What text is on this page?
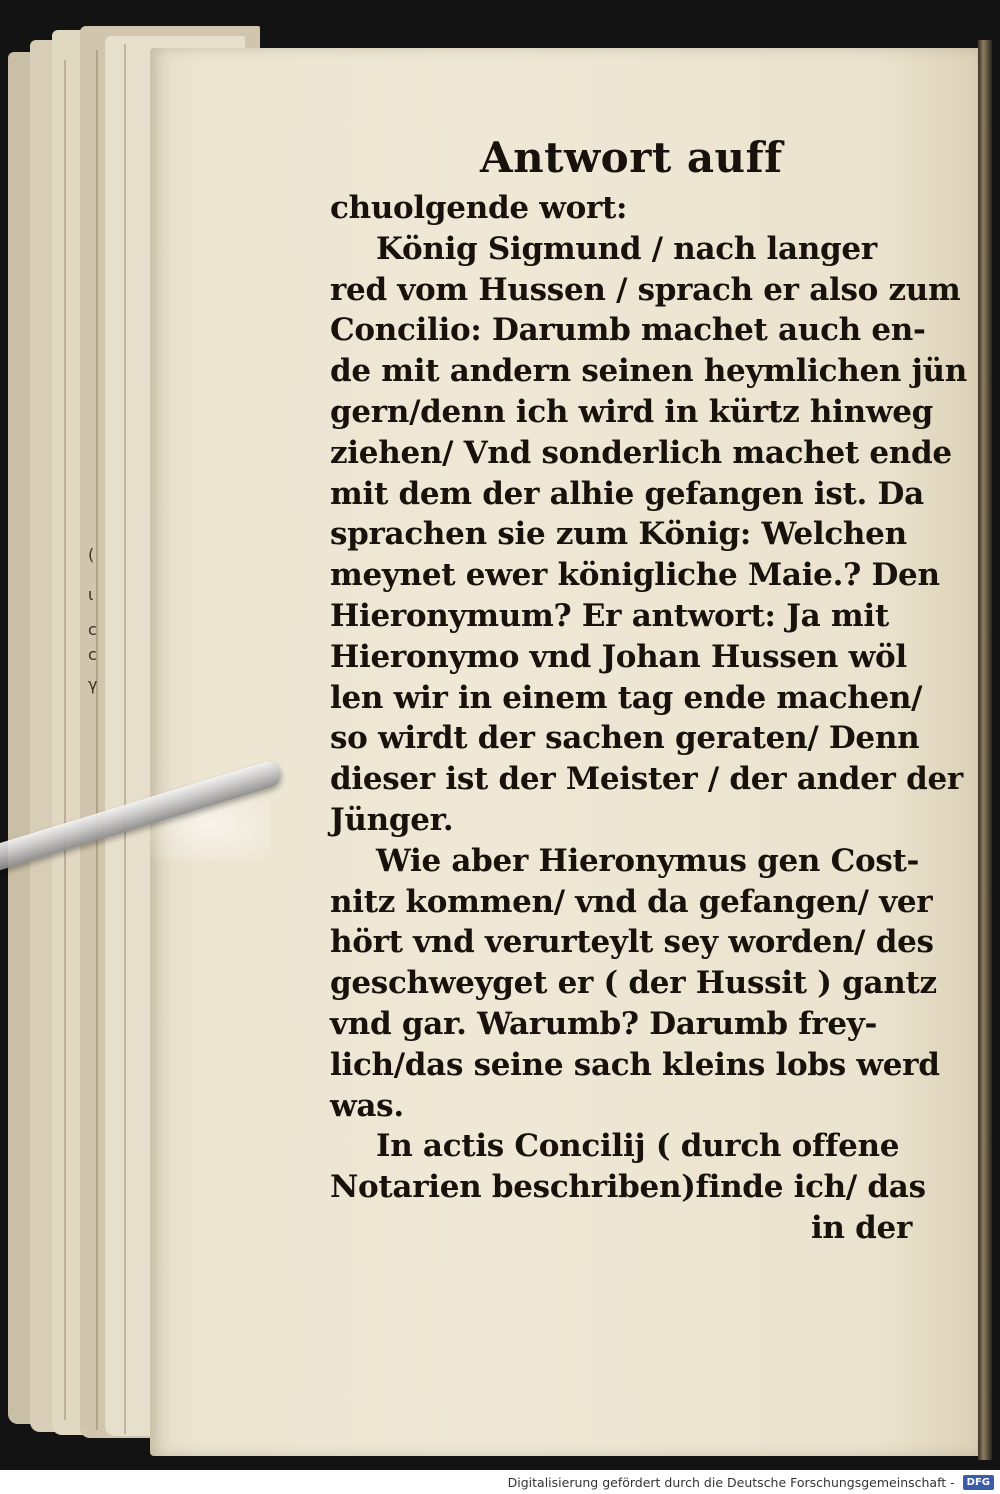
(
ι
c
c
γ
Antwort auff
chuolgende wort:
König Sigmund / nach langer
red vom Hussen / sprach er also zum
Concilio: Darumb machet auch en-
de mit andern seinen heymlichen jün
gern/denn ich wird in kürtz hinweg
ziehen/ Vnd sonderlich machet ende
mit dem der alhie gefangen ist. Da
sprachen sie zum König: Welchen
meynet ewer königliche Maie.? Den
Hieronymum? Er antwort: Ja mit
Hieronymo vnd Johan Hussen wöl
len wir in einem tag ende machen/
so wirdt der sachen geraten/ Denn
dieser ist der Meister / der ander der
Jünger.
Wie aber Hieronymus gen Cost-
nitz kommen/ vnd da gefangen/ ver
hört vnd verurteylt sey worden/ des
geschweyget er ( der Hussit ) gantz
vnd gar. Warumb? Darumb frey-
lich/das seine sach kleins lobs werd
was.
In actis Concilij ( durch offene
Notarien beschriben)finde ich/ das
in der
Digitalisierung gefördert durch die Deutsche Forschungsgemeinschaft - DFG
